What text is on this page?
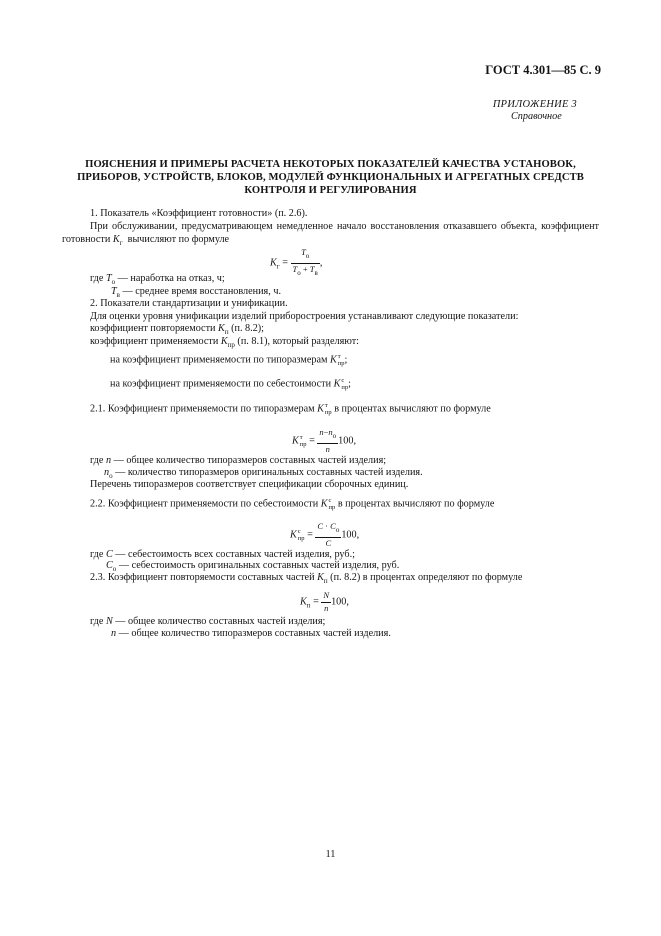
ГОСТ 4.301—85 С. 9
ПРИЛОЖЕНИЕ 3
Справочное
ПОЯСНЕНИЯ И ПРИМЕРЫ РАСЧЕТА НЕКОТОРЫХ ПОКАЗАТЕЛЕЙ КАЧЕСТВА УСТАНОВОК, ПРИБОРОВ, УСТРОЙСТВ, БЛОКОВ, МОДУЛЕЙ ФУНКЦИОНАЛЬНЫХ И АГРЕГАТНЫХ СРЕДСТВ КОНТРОЛЯ И РЕГУЛИРОВАНИЯ
1. Показатель «Коэффициент готовности» (п. 2.6).
При обслуживании, предусматривающем немедленное начало восстановления отказавшего объекта, коэффициент готовности $K_г$ вычисляют по формуле
$K_г = \frac{T_o}{T_o + T_в}$ ,
где $T_о$ — наработка на отказ, ч;
$T_в$ — среднее время восстановления, ч.
2. Показатели стандартизации и унификации.
Для оценки уровня унификации изделий приборостроения устанавливают следующие показатели:
коэффициент повторяемости $K_п$ (п. 8.2);
коэффициент применяемости $K_{пр}$ (п. 8.1), который разделяют:
на коэффициент применяемости по типоразмерам K т
пр ;
на коэффициент применяемости по себестоимости K с
пр ;
2.1. Коэффициент применяемости по типоразмерам K т
пр в процентах вычисляют по формуле
K т
пр = $\frac{n-n_о}{n} 100$,
где n — общее количество типоразмеров составных частей изделия;
$n_о$ — количество типоразмеров оригинальных составных частей изделия.
Перечень типоразмеров соответствует спецификации сборочных единиц.
2.2. Коэффициент применяемости по себестоимости K с
пр в процентах вычисляют по формуле
K с
пр = $\frac{C \cdot C_о}{C} 100$,
где C — себестоимость всех составных частей изделия, руб.;
$C_о$ — себестоимость оригинальных составных частей изделия, руб.
2.3. Коэффициент повторяемости составных частей $K_п$ (п. 8.2) в процентах определяют по формуле
$K_п = \frac{N}{n} 100$,
где N — общее количество составных частей изделия;
n — общее количество типоразмеров составных частей изделия.
11
